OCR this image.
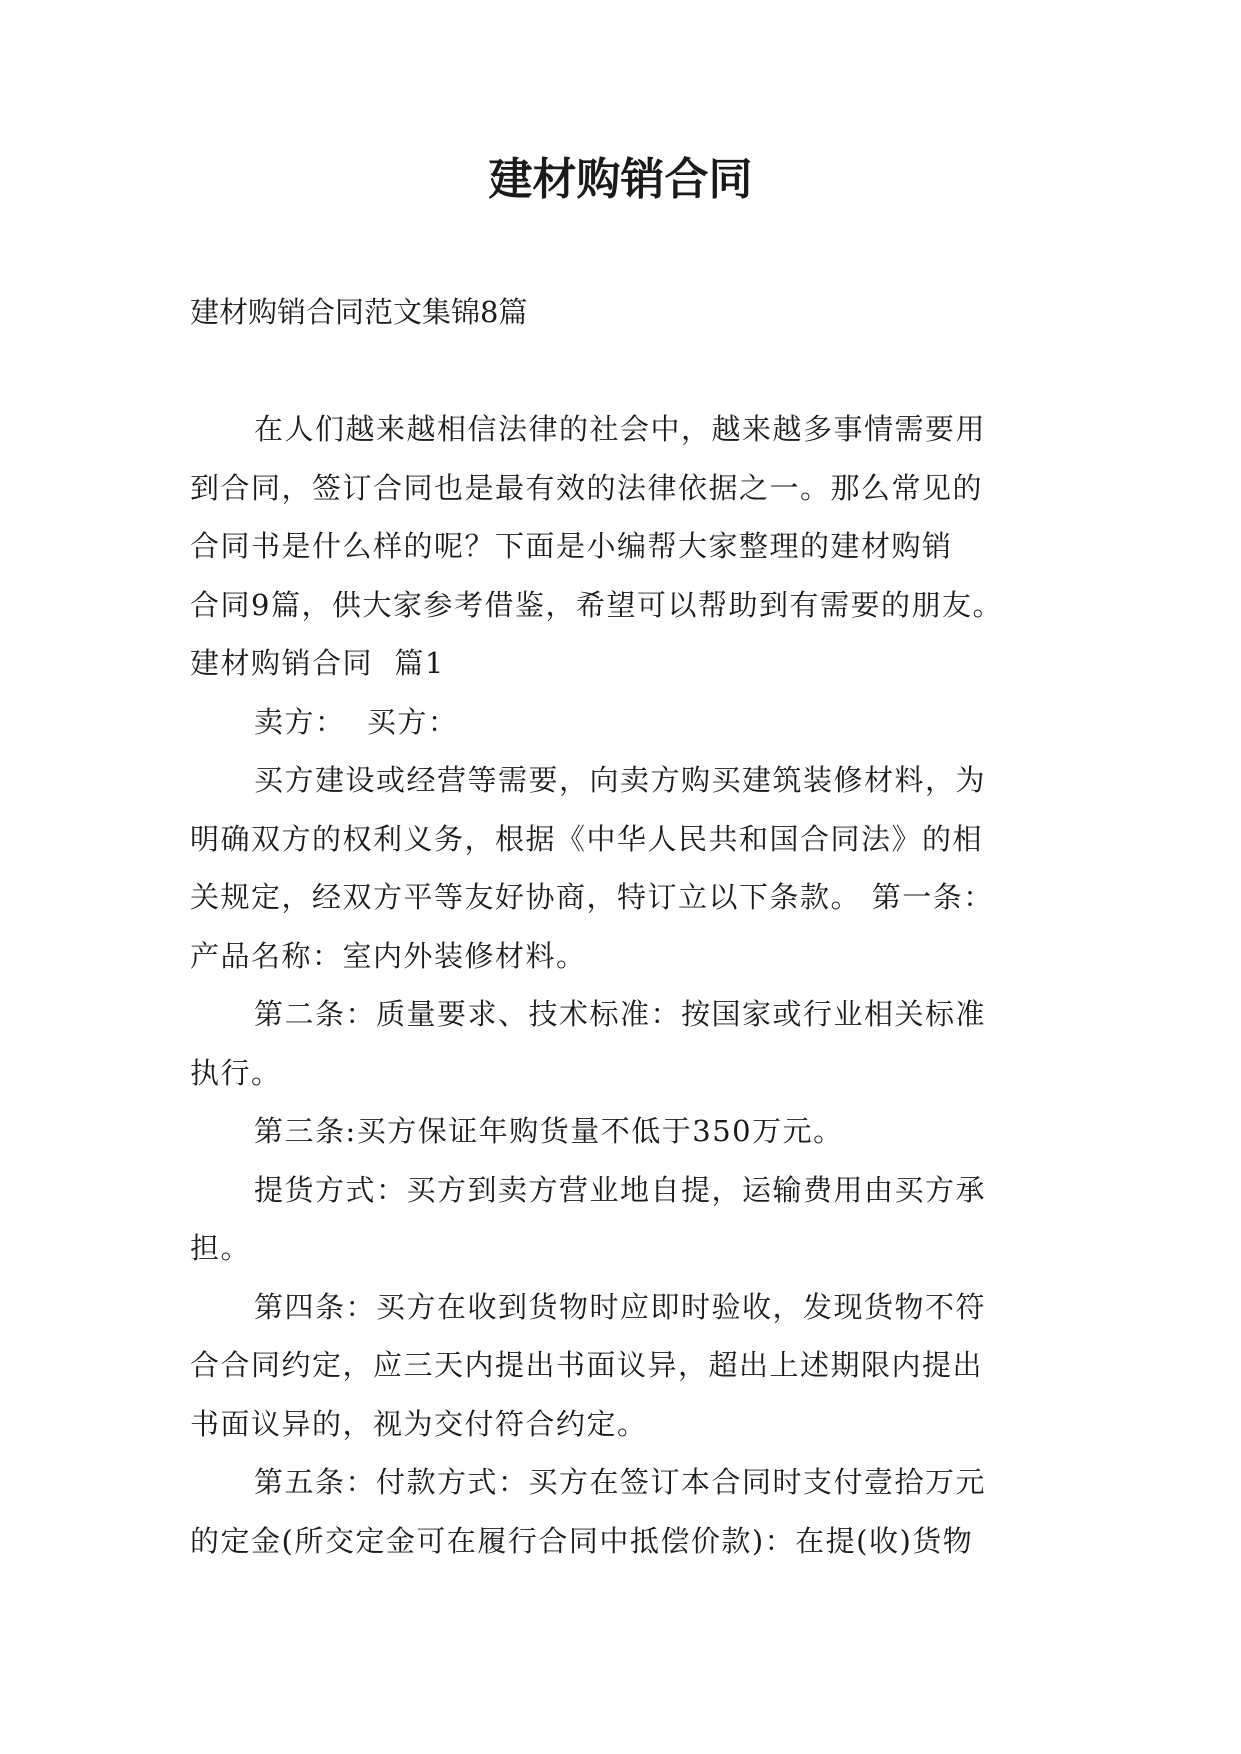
建材购销合同
建材购销合同范文集锦8篇
在人们越来越相信法律的社会中，越来越多事情需要用
到合同，签订合同也是最有效的法律依据之一。那么常见的
合同书是什么样的呢？下面是小编帮大家整理的建材购销
合同9篇，供大家参考借鉴，希望可以帮助到有需要的朋友。
建材购销合同  篇1
卖方：  买方：
买方建设或经营等需要，向卖方购买建筑装修材料，为
明确双方的权利义务，根据《中华人民共和国合同法》的相
关规定，经双方平等友好协商，特订立以下条款。 第一条：
产品名称：室内外装修材料。
第二条：质量要求、技术标准：按国家或行业相关标准
执行。
第三条:买方保证年购货量不低于350万元。
提货方式：买方到卖方营业地自提，运输费用由买方承
担。
第四条：买方在收到货物时应即时验收，发现货物不符
合合同约定，应三天内提出书面议异，超出上述期限内提出
书面议异的，视为交付符合约定。
第五条：付款方式：买方在签订本合同时支付壹拾万元
的定金(所交定金可在履行合同中抵偿价款)：在提(收)货物
